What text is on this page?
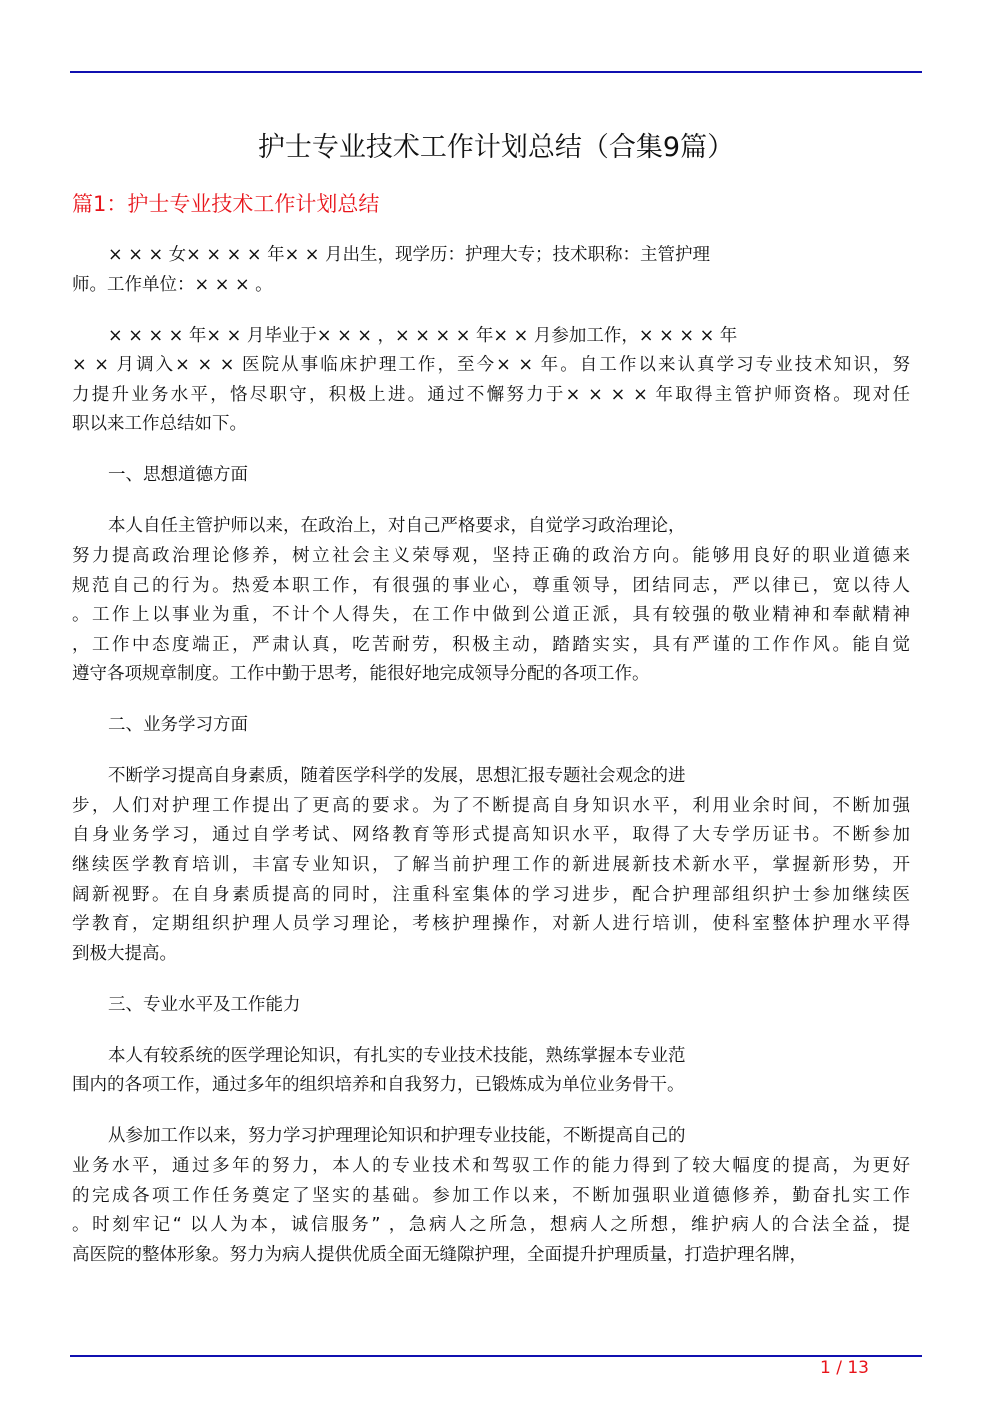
护士专业技术工作计划总结（合集9篇）
篇1：护士专业技术工作计划总结
× × × 女× × × × 年× × 月出生，现学历：护理大专；技术职称：主管护理
师。工作单位：× × × 。
× × × × 年× × 月毕业于× × × ，× × × × 年× × 月参加工作，× × × × 年
× × 月调入× × × 医院从事临床护理工作，至今× × 年。自工作以来认真学习专业技术知识，努
力提升业务水平，恪尽职守，积极上进。通过不懈努力于× × × × 年取得主管护师资格。现对任
职以来工作总结如下。
一、思想道德方面
本人自任主管护师以来，在政治上，对自己严格要求，自觉学习政治理论，
努力提高政治理论修养，树立社会主义荣辱观，坚持正确的政治方向。能够用良好的职业道德来
规范自己的行为。热爱本职工作，有很强的事业心，尊重领导，团结同志，严以律已，宽以待人
。工作上以事业为重，不计个人得失，在工作中做到公道正派，具有较强的敬业精神和奉献精神
，工作中态度端正，严肃认真，吃苦耐劳，积极主动，踏踏实实，具有严谨的工作作风。能自觉
遵守各项规章制度。工作中勤于思考，能很好地完成领导分配的各项工作。
二、业务学习方面
不断学习提高自身素质，随着医学科学的发展，思想汇报专题社会观念的进
步，人们对护理工作提出了更高的要求。为了不断提高自身知识水平，利用业余时间，不断加强
自身业务学习，通过自学考试、网络教育等形式提高知识水平，取得了大专学历证书。不断参加
继续医学教育培训，丰富专业知识，了解当前护理工作的新进展新技术新水平，掌握新形势，开
阔新视野。在自身素质提高的同时，注重科室集体的学习进步，配合护理部组织护士参加继续医
学教育，定期组织护理人员学习理论，考核护理操作，对新人进行培训，使科室整体护理水平得
到极大提高。
三、专业水平及工作能力
本人有较系统的医学理论知识，有扎实的专业技术技能，熟练掌握本专业范
围内的各项工作，通过多年的组织培养和自我努力，已锻炼成为单位业务骨干。
从参加工作以来，努力学习护理理论知识和护理专业技能，不断提高自己的
业务水平，通过多年的努力，本人的专业技术和驾驭工作的能力得到了较大幅度的提高，为更好
的完成各项工作任务奠定了坚实的基础。参加工作以来，不断加强职业道德修养，勤奋扎实工作
。时刻牢记“ 以人为本，诚信服务” ，急病人之所急，想病人之所想，维护病人的合法全益，提
高医院的整体形象。努力为病人提供优质全面无缝隙护理，全面提升护理质量，打造护理名牌，
1 / 13
